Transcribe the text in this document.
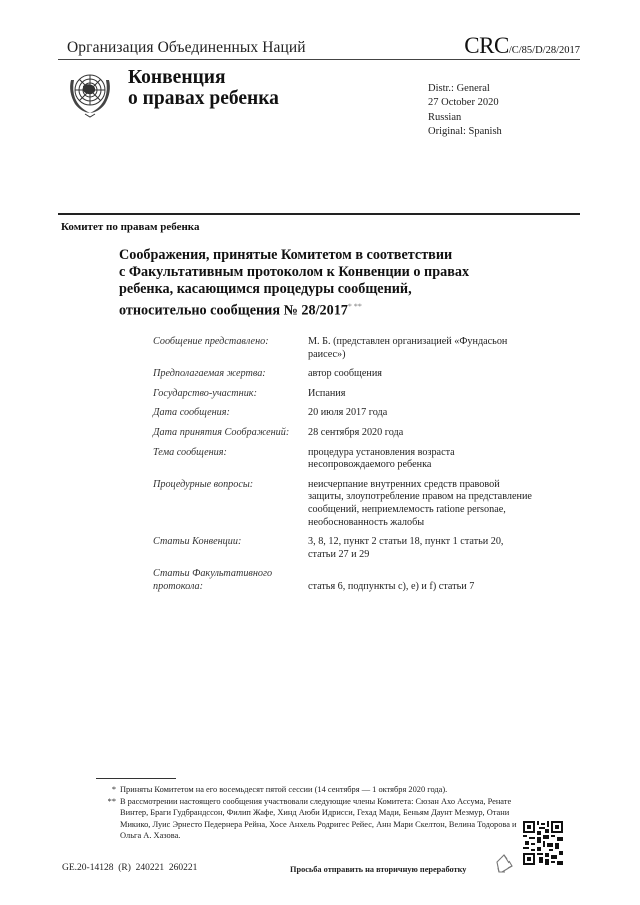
Организация Объединенных Наций	CRC/C/85/D/28/2017
Конвенция
о правах ребенка	Distr.: General
27 October 2020
Russian
Original: Spanish
Комитет по правам ребенка
Соображения, принятые Комитетом в соответствии
с Факультативным протоколом к Конвенции о правах
ребенка, касающимся процедуры сообщений,
относительно сообщения № 28/2017* **
Сообщение представлено:	М. Б. (представлен организацией «Фундасьон раисес»)
Предполагаемая жертва:	автор сообщения
Государство-участник:	Испания
Дата сообщения:	20 июля 2017 года
Дата принятия Соображений:	28 сентября 2020 года
Тема сообщения:	процедура установления возраста несопровождаемого ребенка
Процедурные вопросы:	неисчерпание внутренних средств правовой защиты, злоупотребление правом на представление сообщений, неприемлемость ratione personae, необоснованность жалобы
Статьи Конвенции:	3, 8, 12, пункт 2 статьи 18, пункт 1 статьи 20, статьи 27 и 29
Статьи Факультативного протокола:	статья 6, подпункты c), e) и f) статьи 7
* Приняты Комитетом на его восемьдесят пятой сессии (14 сентября — 1 октября 2020 года).
** В рассмотрении настоящего сообщения участвовали следующие члены Комитета: Сюзан Ахо Ассума, Ренате Винтер, Браги Гудбрандссон, Филип Жафе, Хинд Аюби Идрисси, Гехад Мади, Беньям Даунт Мезмур, Отани Микико, Луис Эрнесто Педернера Рейна, Хосе Анхель Родригес Рейес, Анн Мари Скелтон, Велина Тодорова и Ольга А. Хазова.
GE.20-14128  (R)  240221  260221	Просьба отправить на вторичную переработку
